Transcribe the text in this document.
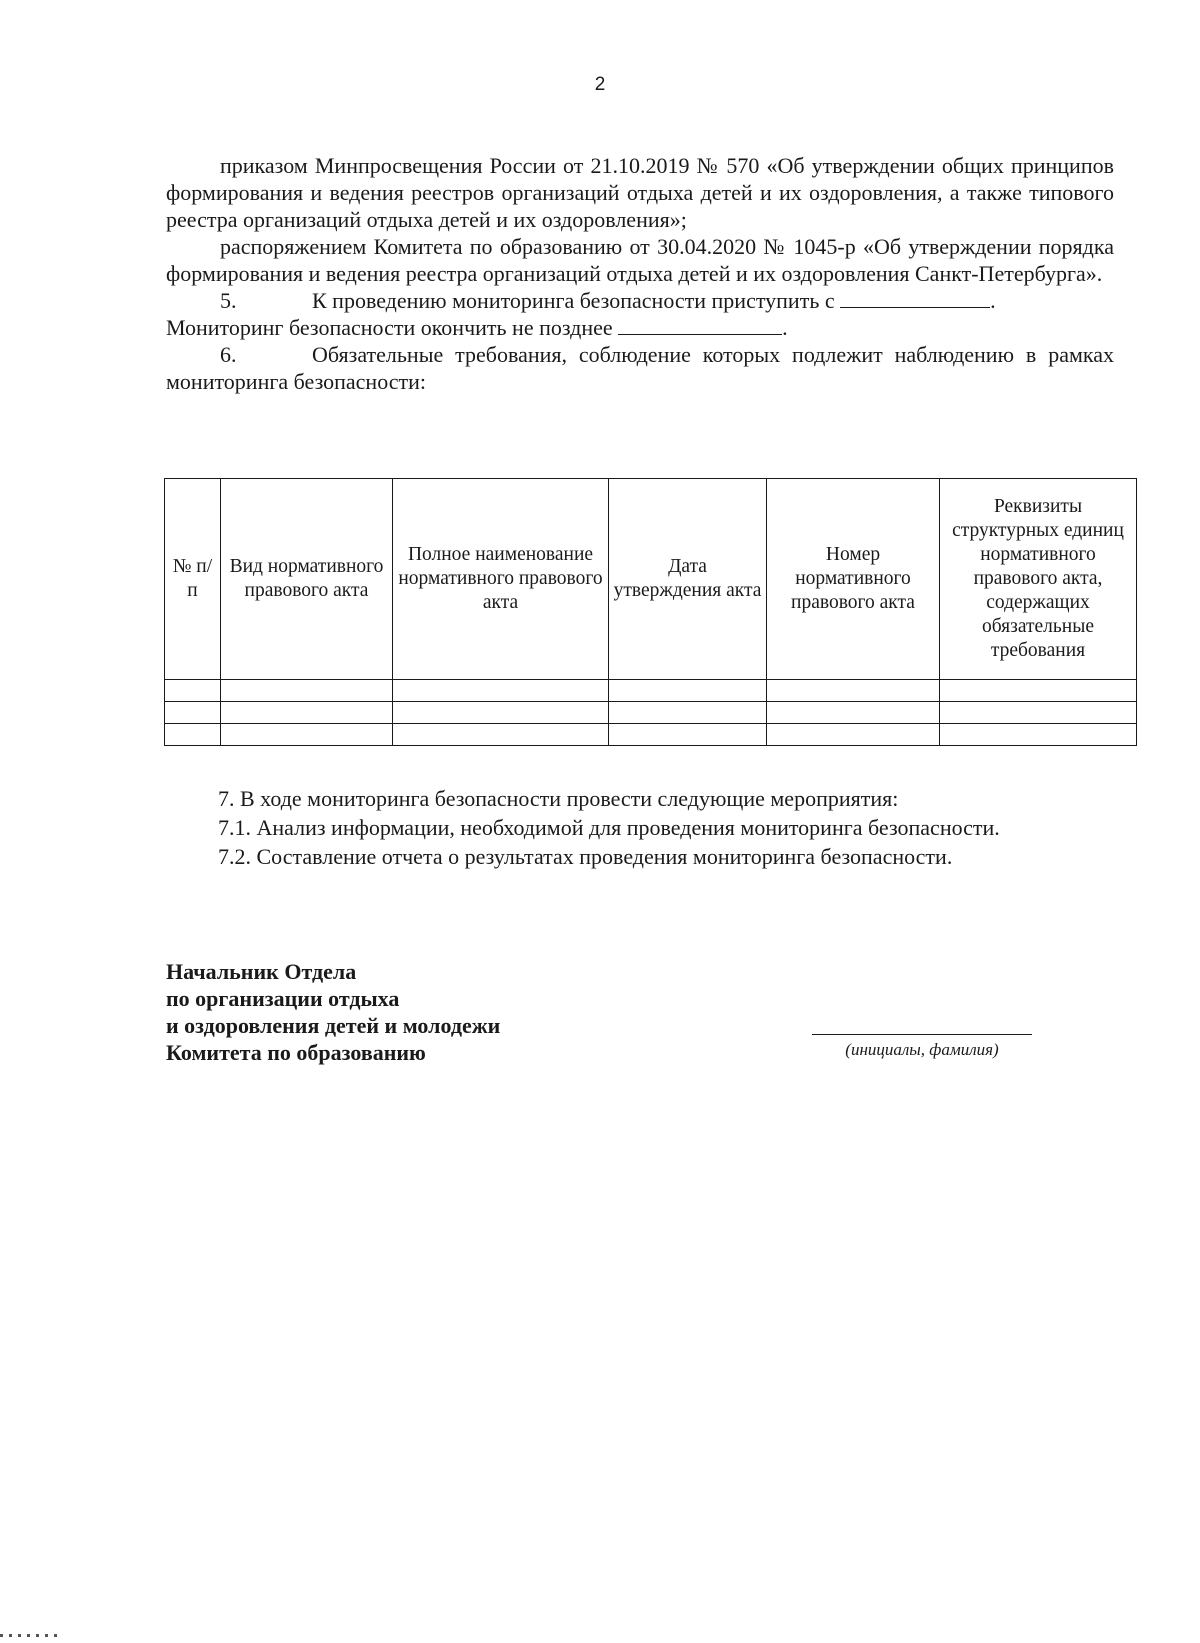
2

приказом Минпросвещения России от 21.10.2019 № 570 «Об утверждении общих принципов формирования и ведения реестров организаций отдыха детей и их оздоровления, а также типового реестра организаций отдыха детей и их оздоровления»;

распоряжением Комитета по образованию от 30.04.2020 № 1045-р «Об утверждении порядка формирования и ведения реестра организаций отдыха детей и их оздоровления Санкт-Петербурга».

5.	К проведению мониторинга безопасности приступить с	.

Мониторинг безопасности окончить не позднее	.

6.	Обязательные требования, соблюдение которых подлежит наблюдению в рамках мониторинга безопасности:

№ п/п	Вид нормативного правового акта	Полное наименование нормативного правового акта	Дата утверждения акта	Номер нормативного правового акта	Реквизиты структурных единиц нормативного правового акта, содержащих обязательные требования

7. В ходе мониторинга безопасности провести следующие мероприятия:

7.1. Анализ информации, необходимой для проведения мониторинга безопасности.

7.2. Составление отчета о результатах проведения мониторинга безопасности.

Начальник Отдела

по организации отдыха

и оздоровления детей и молодежи

Комитета по образованию	(инициалы, фамилия)
